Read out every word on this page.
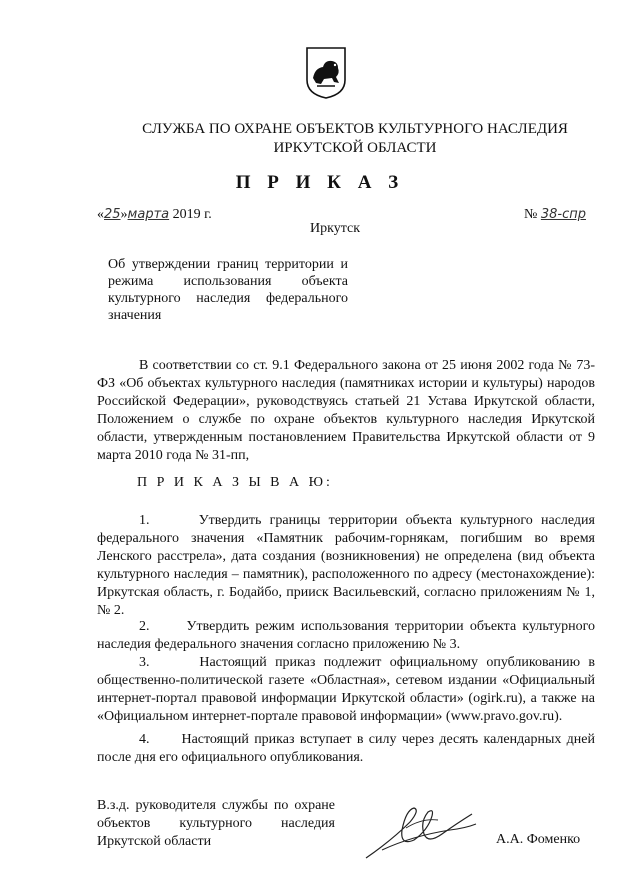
СЛУЖБА ПО ОХРАНЕ ОБЪЕКТОВ КУЛЬТУРНОГО НАСЛЕДИЯ
ИРКУТСКОЙ ОБЛАСТИ
П Р И К А З
«25»марта 2019 г.	№ 38-спр
Иркутск
Об утверждении границ территории и режима использования объекта культурного наследия федерального значения
В соответствии со ст. 9.1 Федерального закона от 25 июня 2002 года № 73-ФЗ «Об объектах культурного наследия (памятниках истории и культуры) народов Российской Федерации», руководствуясь статьей 21 Устава Иркутской области, Положением о службе по охране объектов культурного наследия Иркутской области, утвержденным постановлением Правительства Иркутской области от 9 марта 2010 года № 31-пп,
П Р И К А З Ы В А Ю:
1.      Утвердить границы территории объекта культурного наследия федерального значения «Памятник рабочим-горнякам, погибшим во время Ленского расстрела», дата создания (возникновения) не определена (вид объекта культурного наследия – памятник), расположенного по адресу (местонахождение): Иркутская область, г. Бодайбо, прииск Васильевский, согласно приложениям № 1, № 2.
2.      Утвердить режим использования территории объекта культурного наследия федерального значения согласно приложению № 3.
3.      Настоящий приказ подлежит официальному опубликованию в общественно-политической газете «Областная», сетевом издании «Официальный интернет-портал правовой информации Иркутской области» (ogirk.ru), а также на «Официальном интернет-портале правовой информации» (www.pravo.gov.ru).
4.      Настоящий приказ вступает в силу через десять календарных дней после дня его официального опубликования.
В.з.д. руководителя службы по охране объектов культурного наследия Иркутской области	А.А. Фоменко
